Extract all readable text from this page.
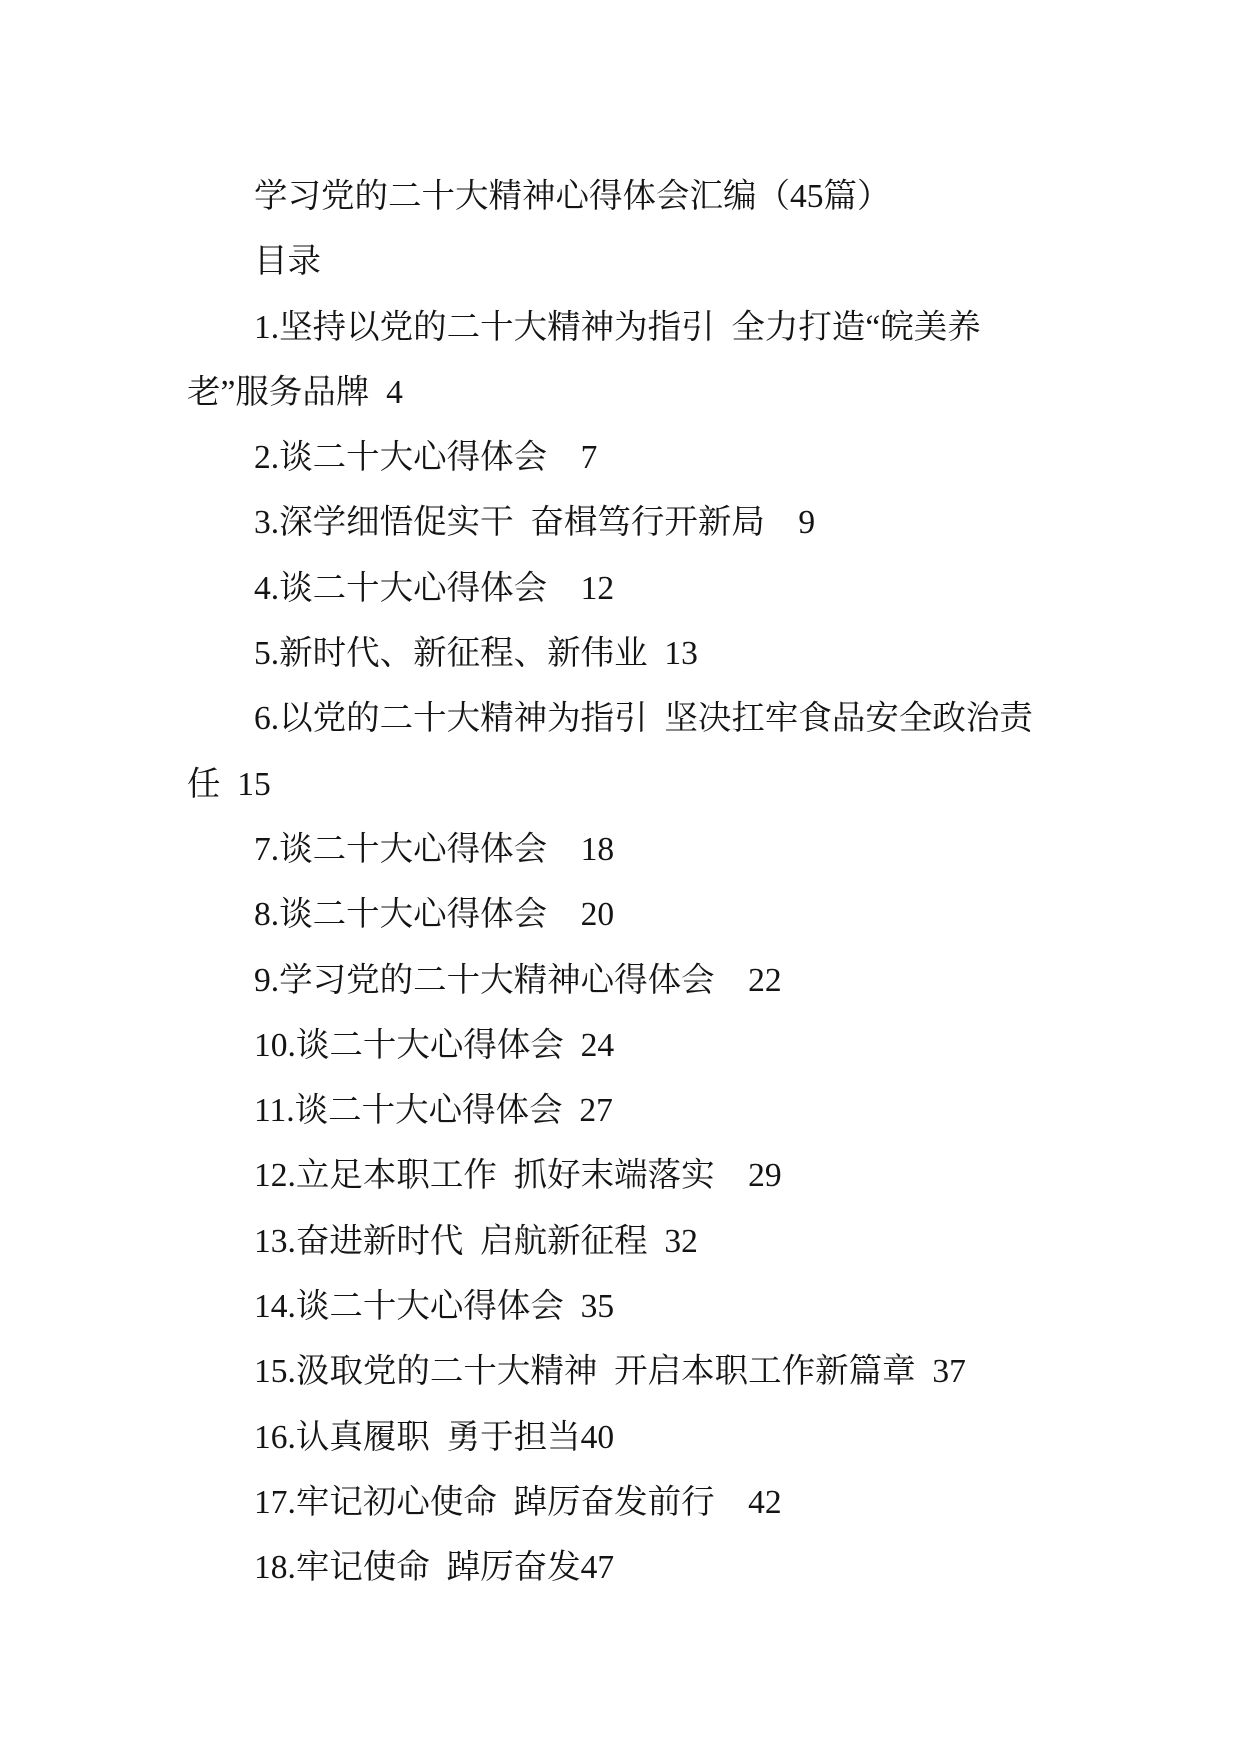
学习党的二十大精神心得体会汇编（45篇）
目录
1.坚持以党的二十大精神为指引 全力打造“皖美养
老”服务品牌 4
2.谈二十大心得体会  7
3.深学细悟促实干 奋楫笃行开新局  9
4.谈二十大心得体会  12
5.新时代、新征程、新伟业 13
6.以党的二十大精神为指引 坚决扛牢食品安全政治责
任 15
7.谈二十大心得体会  18
8.谈二十大心得体会  20
9.学习党的二十大精神心得体会  22
10.谈二十大心得体会 24
11.谈二十大心得体会 27
12.立足本职工作 抓好末端落实  29
13.奋进新时代 启航新征程 32
14.谈二十大心得体会 35
15.汲取党的二十大精神 开启本职工作新篇章 37
16.认真履职 勇于担当40
17.牢记初心使命 踔厉奋发前行  42
18.牢记使命 踔厉奋发47
